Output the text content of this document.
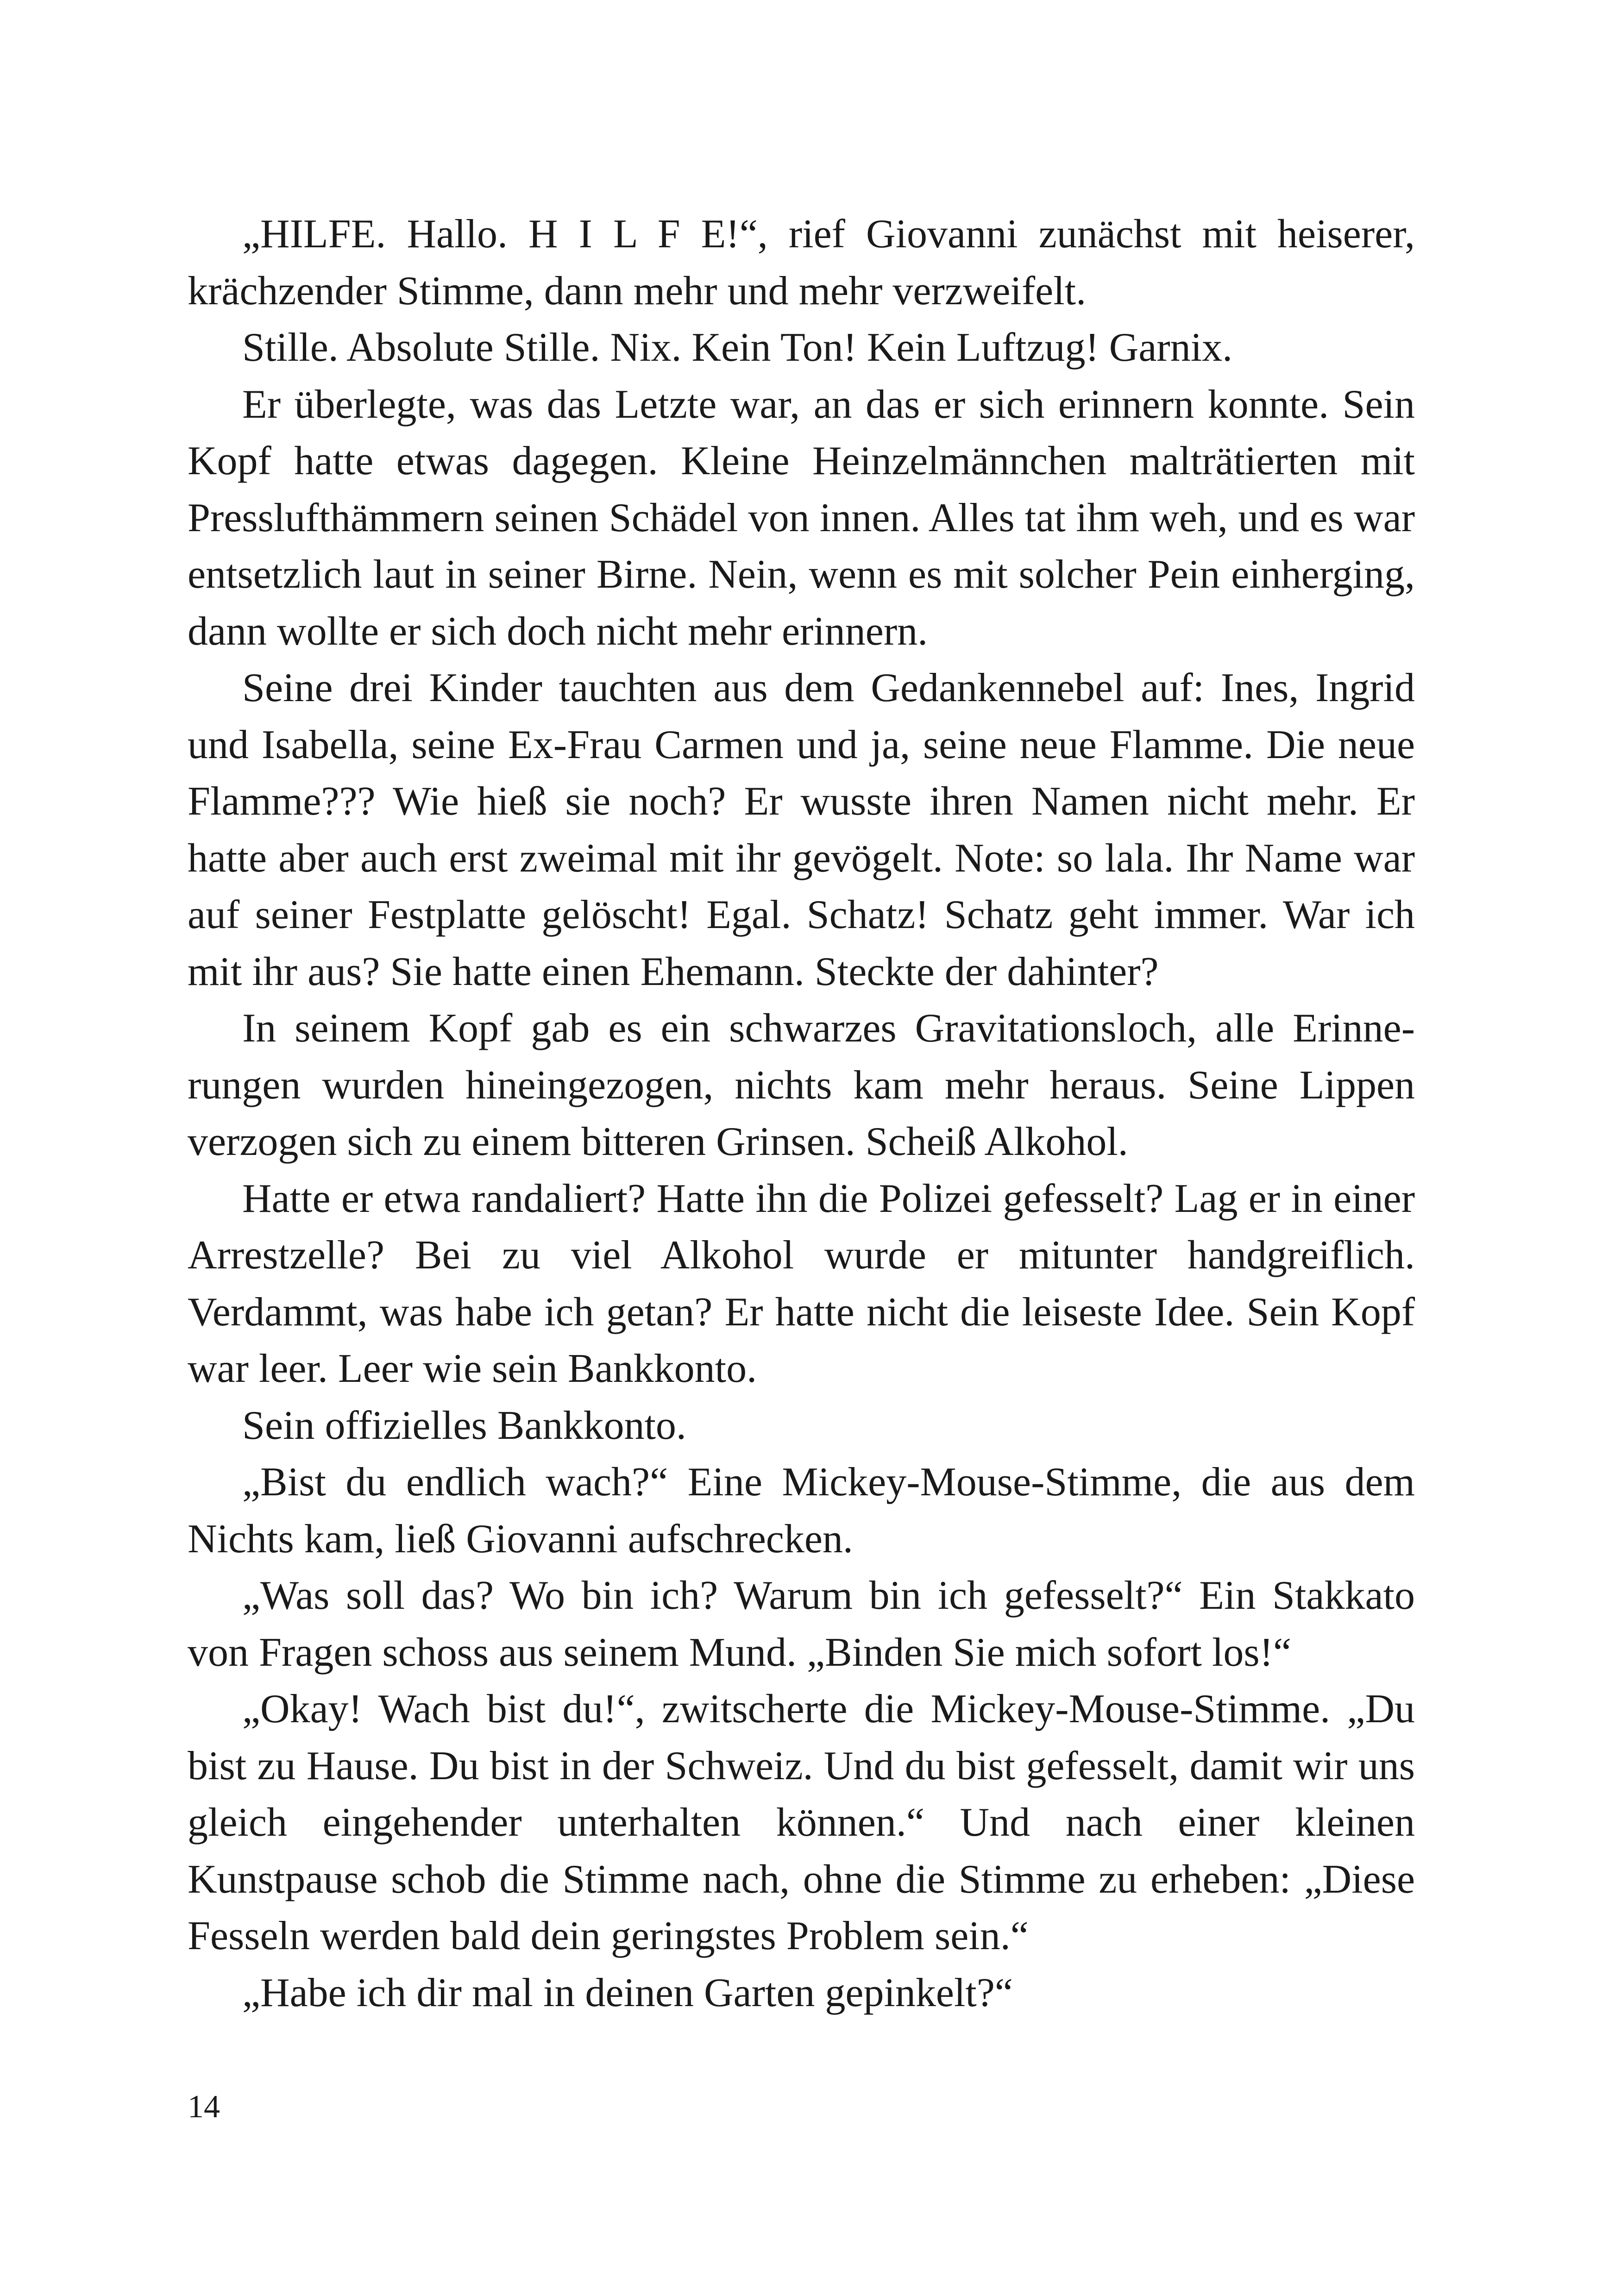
„HILFE. Hallo. H I L F E!“, rief Giovanni zunächst mit heiserer, krächzender Stimme, dann mehr und mehr verzweifelt.

Stille. Absolute Stille. Nix. Kein Ton! Kein Luftzug! Garnix.

Er überlegte, was das Letzte war, an das er sich erinnern konnte. Sein Kopf hatte etwas dagegen. Kleine Heinzelmännchen malträtierten mit Presslufthämmern seinen Schädel von innen. Alles tat ihm weh, und es war entsetzlich laut in seiner Birne. Nein, wenn es mit solcher Pein einherging, dann wollte er sich doch nicht mehr erinnern.

Seine drei Kinder tauchten aus dem Gedankennebel auf: Ines, Ingrid und Isabella, seine Ex-Frau Carmen und ja, seine neue Flamme. Die neue Flamme??? Wie hieß sie noch? Er wusste ihren Namen nicht mehr. Er hatte aber auch erst zweimal mit ihr gevögelt. Note: so lala. Ihr Name war auf seiner Festplatte gelöscht! Egal. Schatz! Schatz geht immer. War ich mit ihr aus? Sie hatte einen Ehemann. Steckte der dahinter?

In seinem Kopf gab es ein schwarzes Gravitationsloch, alle Erinnerungen wurden hineingezogen, nichts kam mehr heraus. Seine Lippen verzogen sich zu einem bitteren Grinsen. Scheiß Alkohol.

Hatte er etwa randaliert? Hatte ihn die Polizei gefesselt? Lag er in einer Arrestzelle? Bei zu viel Alkohol wurde er mitunter handgreiflich. Verdammt, was habe ich getan? Er hatte nicht die leiseste Idee. Sein Kopf war leer. Leer wie sein Bankkonto.

Sein offizielles Bankkonto.

„Bist du endlich wach?“ Eine Mickey-Mouse-Stimme, die aus dem Nichts kam, ließ Giovanni aufschrecken.

„Was soll das? Wo bin ich? Warum bin ich gefesselt?“ Ein Stakkato von Fragen schoss aus seinem Mund. „Binden Sie mich sofort los!“

„Okay! Wach bist du!“, zwitscherte die Mickey-Mouse-Stimme. „Du bist zu Hause. Du bist in der Schweiz. Und du bist gefesselt, damit wir uns gleich eingehender unterhalten können.“ Und nach einer kleinen Kunstpause schob die Stimme nach, ohne die Stimme zu erheben: „Diese Fesseln werden bald dein geringstes Problem sein.“

„Habe ich dir mal in deinen Garten gepinkelt?“

14
